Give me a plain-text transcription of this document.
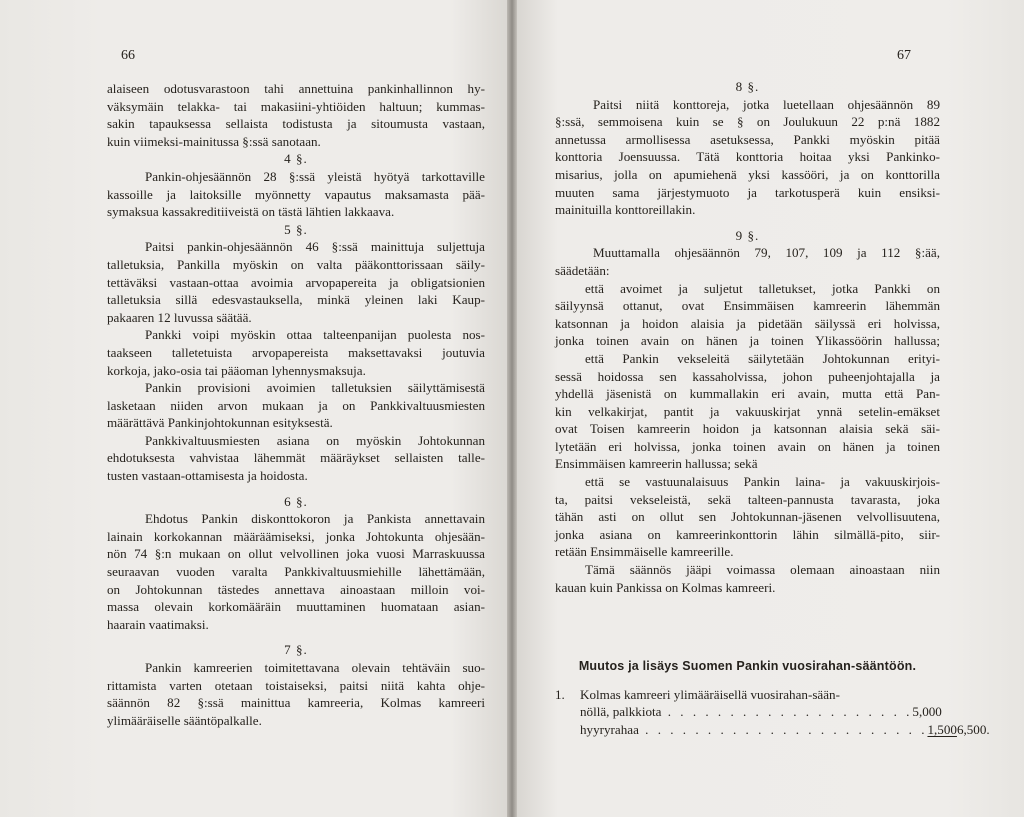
66
alaiseen odotusvarastoon tahi annettuina pankinhallinnon hy-
väksymäin telakka- tai makasiini-yhtiöiden haltuun; kummas-
sakin tapauksessa sellaista todistusta ja sitoumusta vastaan,
kuin viimeksi-mainitussa §:ssä sanotaan.
4 §.
Pankin-ohjesäännön 28 §:ssä yleistä hyötyä tarkottaville
kassoille ja laitoksille myönnetty vapautus maksamasta pää-
symaksua kassakreditiiveistä on tästä lähtien lakkaava.
5 §.
Paitsi pankin-ohjesäännön 46 §:ssä mainittuja suljettuja
talletuksia, Pankilla myöskin on valta pääkonttorissaan säily-
tettäväksi vastaan-ottaa avoimia arvopapereita ja obligatsionien
talletuksia sillä edesvastauksella, minkä yleinen laki Kaup-
pakaaren 12 luvussa säätää.
Pankki voipi myöskin ottaa talteenpanijan puolesta nos-
taakseen talletetuista arvopapereista maksettavaksi joutuvia
korkoja, jako-osia tai pääoman lyhennysmaksuja.
Pankin provisioni avoimien talletuksien säilyttämisestä
lasketaan niiden arvon mukaan ja on Pankkivaltuusmiesten
määrättävä Pankinjohtokunnan esityksestä.
Pankkivaltuusmiesten asiana on myöskin Johtokunnan
ehdotuksesta vahvistaa lähemmät määräykset sellaisten talle-
tusten vastaan-ottamisesta ja hoidosta.
6 §.
Ehdotus Pankin diskonttokoron ja Pankista annettavain
lainain korkokannan määräämiseksi, jonka Johtokunta ohjesään-
nön 74 §:n mukaan on ollut velvollinen joka vuosi Marraskuussa
seuraavan vuoden varalta Pankkivaltuusmiehille lähettämään,
on Johtokunnan tästedes annettava ainoastaan milloin voi-
massa olevain korkomääräin muuttaminen huomataan asian-
haarain vaatimaksi.
7 §.
Pankin kamreerien toimitettavana olevain tehtäväin suo-
rittamista varten otetaan toistaiseksi, paitsi niitä kahta ohje-
säännön 82 §:ssä mainittua kamreeria, Kolmas kamreeri
ylimääräiselle sääntöpalkalle.
67
8 §.
Paitsi niitä konttoreja, jotka luetellaan ohjesäännön 89
§:ssä, semmoisena kuin se § on Joulukuun 22 p:nä 1882
annetussa armollisessa asetuksessa, Pankki myöskin pitää
konttoria Joensuussa. Tätä konttoria hoitaa yksi Pankinko-
misarius, jolla on apumiehenä yksi kassööri, ja on konttorilla
muuten sama järjestymuoto ja tarkotusperä kuin ensiksi-
mainituilla konttoreillakin.
9 §.
Muuttamalla ohjesäännön 79, 107, 109 ja 112 §:ää,
säädetään:
että avoimet ja suljetut talletukset, jotka Pankki on
säilyynsä ottanut, ovat Ensimmäisen kamreerin lähemmän
katsonnan ja hoidon alaisia ja pidetään säilyssä eri holvissa,
jonka toinen avain on hänen ja toinen Ylikassöörin hallussa;
että Pankin vekseleitä säilytetään Johtokunnan erityi-
sessä hoidossa sen kassaholvissa, johon puheenjohtajalla ja
yhdellä jäsenistä on kummallakin eri avain, mutta että Pan-
kin velkakirjat, pantit ja vakuuskirjat ynnä setelin-emäkset
ovat Toisen kamreerin hoidon ja katsonnan alaisia sekä säi-
lytetään eri holvissa, jonka toinen avain on hänen ja toinen
Ensimmäisen kamreerin hallussa; sekä
että se vastuunalaisuus Pankin laina- ja vakuuskirjois-
ta, paitsi vekseleistä, sekä talteen-pannusta tavarasta, joka
tähän asti on ollut sen Johtokunnan-jäsenen velvollisuutena,
jonka asiana on kamreerinkonttorin lähin silmällä-pito, siir-
retään Ensimmäiselle kamreerille.
Tämä säännös jääpi voimassa olemaan ainoastaan niin
kauan kuin Pankissa on Kolmas kamreeri.
Muutos ja lisäys Suomen Pankin vuosirahan-sääntöön.
1. Kolmas kamreeri ylimääräisellä vuosirahan-sään-
nöllä, palkkiota . . . . . . . . . . . . . . . . . . . . 5,000
hyyryrahaa . . . . . . . . . . . . . . . . . . . . . . . 1,500 6,500.
